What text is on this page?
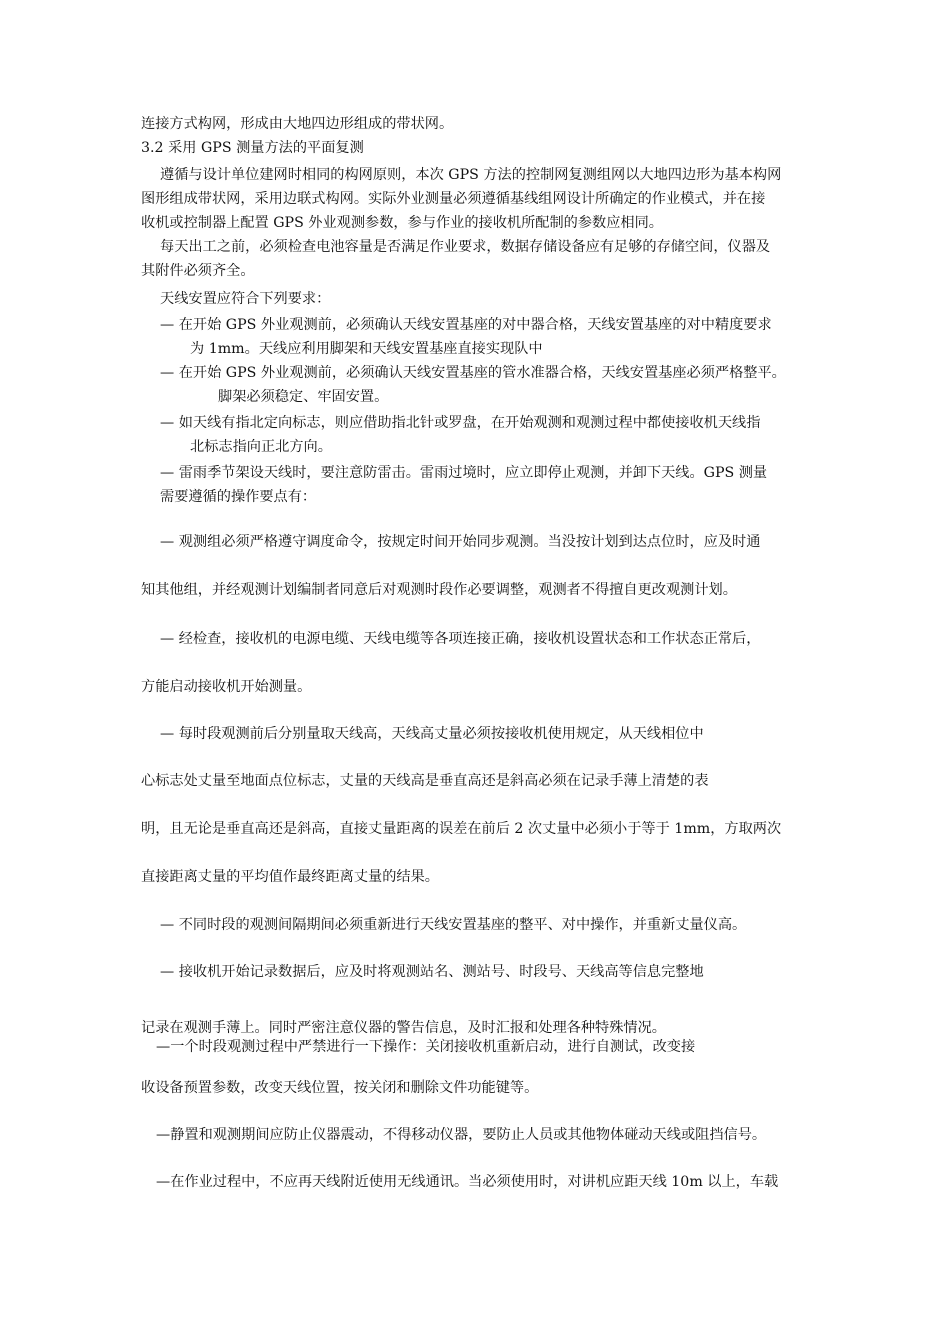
连接方式构网，形成由大地四边形组成的带状网。
3.2 采用 GPS 测量方法的平面复测
遵循与设计单位建网时相同的构网原则，本次 GPS 方法的控制网复测组网以大地四边形为基本构网
图形组成带状网，采用边联式构网。实际外业测量必须遵循基线组网设计所确定的作业模式，并在接
收机或控制器上配置 GPS 外业观测参数，参与作业的接收机所配制的参数应相同。
每天出工之前，必须检查电池容量是否满足作业要求，数据存储设备应有足够的存储空间，仪器及
其附件必须齐全。
天线安置应符合下列要求：
— 在开始 GPS 外业观测前，必须确认天线安置基座的对中器合格，天线安置基座的对中精度要求
为 1mm。天线应利用脚架和天线安置基座直接实现队中
— 在开始 GPS 外业观测前，必须确认天线安置基座的管水准器合格，天线安置基座必须严格整平。
脚架必须稳定、牢固安置。
— 如天线有指北定向标志，则应借助指北针或罗盘，在开始观测和观测过程中都使接收机天线指
北标志指向正北方向。
— 雷雨季节架设天线时，要注意防雷击。雷雨过境时，应立即停止观测，并卸下天线。GPS 测量
需要遵循的操作要点有：
— 观测组必须严格遵守调度命令，按规定时间开始同步观测。当没按计划到达点位时，应及时通
知其他组，并经观测计划编制者同意后对观测时段作必要调整，观测者不得擅自更改观测计划。
— 经检查，接收机的电源电缆、天线电缆等各项连接正确，接收机设置状态和工作状态正常后，
方能启动接收机开始测量。
— 每时段观测前后分别量取天线高，天线高丈量必须按接收机使用规定，从天线相位中
心标志处丈量至地面点位标志，丈量的天线高是垂直高还是斜高必须在记录手薄上清楚的表
明，且无论是垂直高还是斜高，直接丈量距离的误差在前后 2 次丈量中必须小于等于 1mm，方取两次
直接距离丈量的平均值作最终距离丈量的结果。
— 不同时段的观测间隔期间必须重新进行天线安置基座的整平、对中操作，并重新丈量仪高。
— 接收机开始记录数据后，应及时将观测站名、测站号、时段号、天线高等信息完整地
记录在观测手薄上。同时严密注意仪器的警告信息，及时汇报和处理各种特殊情况。
—一个时段观测过程中严禁进行一下操作：关闭接收机重新启动，进行自测试，改变接
收设备预置参数，改变天线位置，按关闭和删除文件功能键等。
—静置和观测期间应防止仪器震动，不得移动仪器，要防止人员或其他物体碰动天线或阻挡信号。
—在作业过程中，不应再天线附近使用无线通讯。当必须使用时，对讲机应距天线 10m 以上，车载
